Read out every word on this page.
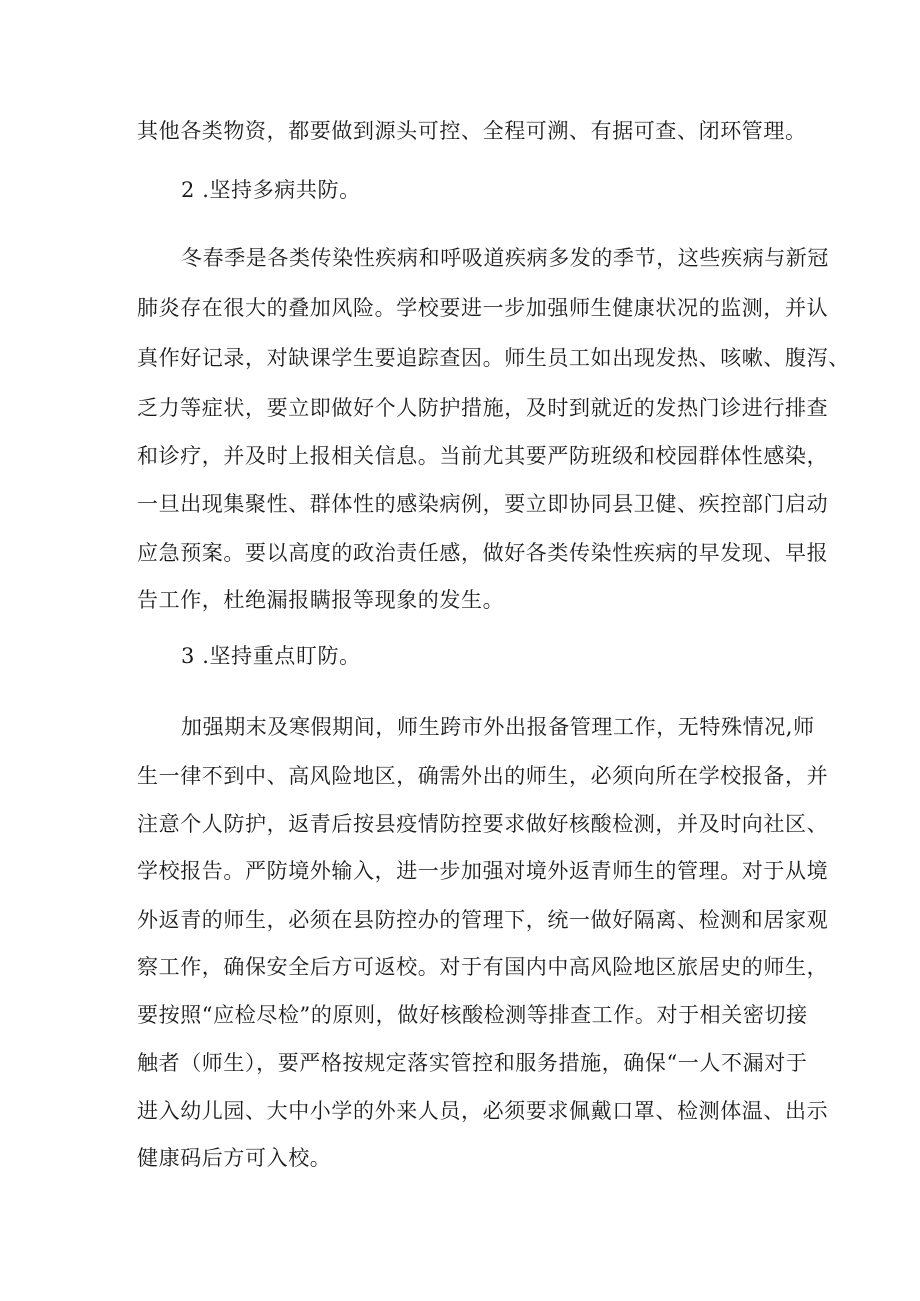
其他各类物资，都要做到源头可控、全程可溯、有据可查、闭环管理。
2 .坚持多病共防。
冬春季是各类传染性疾病和呼吸道疾病多发的季节，这些疾病与新冠
肺炎存在很大的叠加风险。学校要进一步加强师生健康状况的监测，并认
真作好记录，对缺课学生要追踪查因。师生员工如出现发热、咳嗽、腹泻、
乏力等症状，要立即做好个人防护措施，及时到就近的发热门诊进行排查
和诊疗，并及时上报相关信息。当前尤其要严防班级和校园群体性感染，
一旦出现集聚性、群体性的感染病例，要立即协同县卫健、疾控部门启动
应急预案。要以高度的政治责任感，做好各类传染性疾病的早发现、早报
告工作，杜绝漏报瞒报等现象的发生。
3 .坚持重点盯防。
加强期末及寒假期间，师生跨市外出报备管理工作，无特殊情况,师
生一律不到中、高风险地区，确需外出的师生，必须向所在学校报备，并
注意个人防护，返青后按县疫情防控要求做好核酸检测，并及时向社区、
学校报告。严防境外输入，进一步加强对境外返青师生的管理。对于从境
外返青的师生，必须在县防控办的管理下，统一做好隔离、检测和居家观
察工作，确保安全后方可返校。对于有国内中高风险地区旅居史的师生，
要按照“应检尽检”的原则，做好核酸检测等排查工作。对于相关密切接
触者（师生），要严格按规定落实管控和服务措施，确保“一人不漏对于
进入幼儿园、大中小学的外来人员，必须要求佩戴口罩、检测体温、出示
健康码后方可入校。
